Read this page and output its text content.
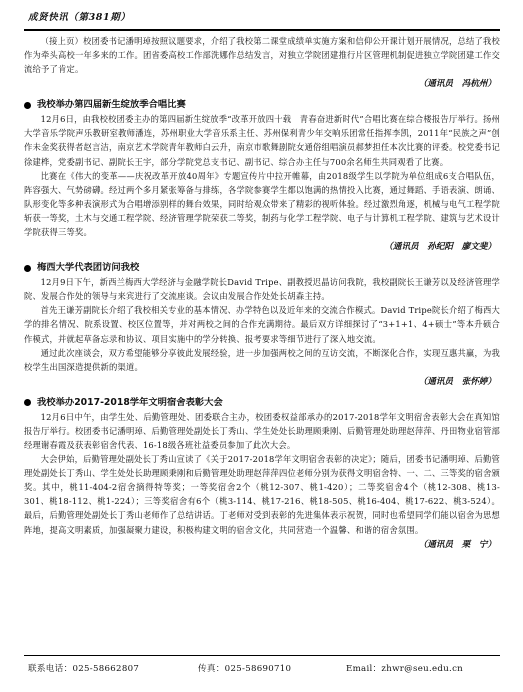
成贤快讯（第381期）

（接上页）校团委书记潘明琸按照议题要求，介绍了我校第二课堂成绩单实施方案和信仰公开课计划开展情况，总结了我校作为牵头高校一年多来的工作。团省委高校工作部洗娜作总结发言，对独立学院团建推行片区管理机制促进独立学院团建工作交流给予了肯定。

（通讯员　冯杭州）
我校举办第四届新生绽放季合唱比赛

12月6日，由我校校团委主办的第四届新生绽放季“改革开放四十载　青春奋进新时代”合唱比赛在综合楼报告厅举行。扬州大学音乐学院声乐教研室教师潘连，苏州职业大学音乐系主任、苏州保利青少年交响乐团常任指挥李凯，2011年“民族之声”创作未金奖获得者赵言洁，南京艺术学院青年教师白云升，南京市歌舞剧院女通俗组唱演员郝梦担任本次比赛的评委。校党委书记徐建桦，党委副书记、副院长王宇，部分学院党总支书记、副书记、综合办主任与700余名师生共同观看了比赛。

比赛在《伟大的变革——庆祝改革开放40周年》专题宣传片中拉开帷幕，由2018级学生以学院为单位组成6支合唱队伍，阵容强大、气势磅礴。经过两个多月紧张筹备与排练，各学院参赛学生都以饱满的热情投入比赛，通过舞蹈、手语表演、朗诵、队形变化等多种表演形式为合唱增添别样的舞台效果，同时给观众带来了精彩的视听体验。经过激烈角逐，机械与电气工程学院斩获一等奖，土木与交通工程学院、经济管理学院荣获二等奖，制药与化学工程学院、电子与计算机工程学院、建筑与艺术设计学院获得三等奖。

（通讯员　孙纪阳　廖文斐）
梅西大学代表团访问我校

12月9日下午，新西兰梅西大学经济与金融学院长David Tripe、副教授迟晶访问我院，我校副院长王谦芳以及经济管理学院、发展合作处的领导与来宾进行了交流座谈。会议由发展合作处处长胡森主持。

首先王谦芳副院长介绍了我校相关专业的基本情况、办学特色以及近年来的交流合作模式。David Tripe院长介绍了梅西大学的排名情况、院系设置、校区位置等，并对两校之间的合作充满期待。最后双方详细探讨了“3+1+1、4+硕士”等本升硕合作模式，并就起草备忘录和协议、项目实施中的学分转换、报考要求等细节进行了深入地交流。

通过此次座谈会，双方希望能够分享彼此发展经验，进一步加强两校之间的互访交流，不断深化合作，实现互惠共赢，为我校学生出国深造提供新的渠道。

（通讯员　张怀婷）
我校举办2017-2018学年文明宿舍表彰大会

12月6日中午，由学生处、后勤管理处、团委联合主办，校团委权益部承办的2017-2018学年文明宿舍表彰大会在真知馆报告厅举行。校团委书记潘明琸、后勤管理处副处长丁秀山、学生处处长助理顾秉刚、后勤管理处助理赵萍萍、丹田物业宿管部经理谢春霞及获表彰宿舍代表、16-18级各班社益委员参加了此次大会。

大会伊始，后勤管理处副处长丁秀山宣读了《关于2017-2018学年文明宿舍表彰的决定》；随后，团委书记潘明琸、后勤管理处副处长丁秀山、学生处处长助理顾秉刚和后勤管理处助理赵萍萍四位老师分别为获得文明宿舍特、一、二、三等奖的宿舍颁奖。其中，桃11-404-2宿舍摘得特等奖；一等奖宿舍2个（桃12-307、桃1-420）；二等奖宿舍4个（桃12-308、桃13-301、桃18-112、桃1-224）；三等奖宿舍有6个（桃3-114、桃17-216、桃18-505、桃16-404、桃17-622、桃3-524）。最后，后勤管理处副处长丁秀山老师作了总结讲话。丁老师对受到表彰的先进集体表示祝贺，同时也希望同学们能以宿舍为思想阵地，提高文明素质，加强凝聚力建设，积极构建文明的宿舍文化，共同营造一个温馨、和谐的宿舍氛围。

（通讯员　栗　宁）
联系电话：025-58662807	传真：025-58690710	Email：zhwr@seu.edu.cn
